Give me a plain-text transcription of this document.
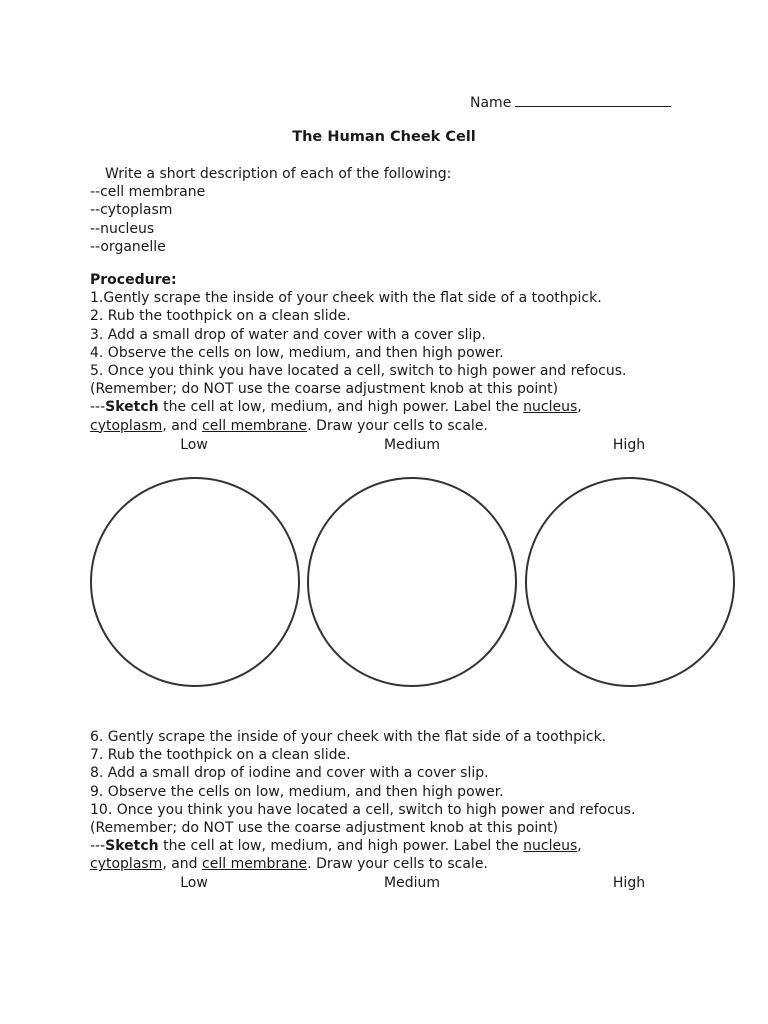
Name
The Human Cheek Cell
Write a short description of each of the following:
--cell membrane
--cytoplasm
--nucleus
--organelle
Procedure:
1.Gently scrape the inside of your cheek with the flat side of a toothpick.
2. Rub the toothpick on a clean slide.
3. Add a small drop of water and cover with a cover slip.
4. Observe the cells on low, medium, and then high power.
5. Once you think you have located a cell, switch to high power and refocus.
(Remember; do NOT use the coarse adjustment knob at this point)
---Sketch the cell at low, medium, and high power. Label the nucleus,
cytoplasm, and cell membrane. Draw your cells to scale.
Low	Medium	High
6. Gently scrape the inside of your cheek with the flat side of a toothpick.
7. Rub the toothpick on a clean slide.
8. Add a small drop of iodine and cover with a cover slip.
9. Observe the cells on low, medium, and then high power.
10. Once you think you have located a cell, switch to high power and refocus.
(Remember; do NOT use the coarse adjustment knob at this point)
---Sketch the cell at low, medium, and high power. Label the nucleus,
cytoplasm, and cell membrane. Draw your cells to scale.
Low	Medium	High
